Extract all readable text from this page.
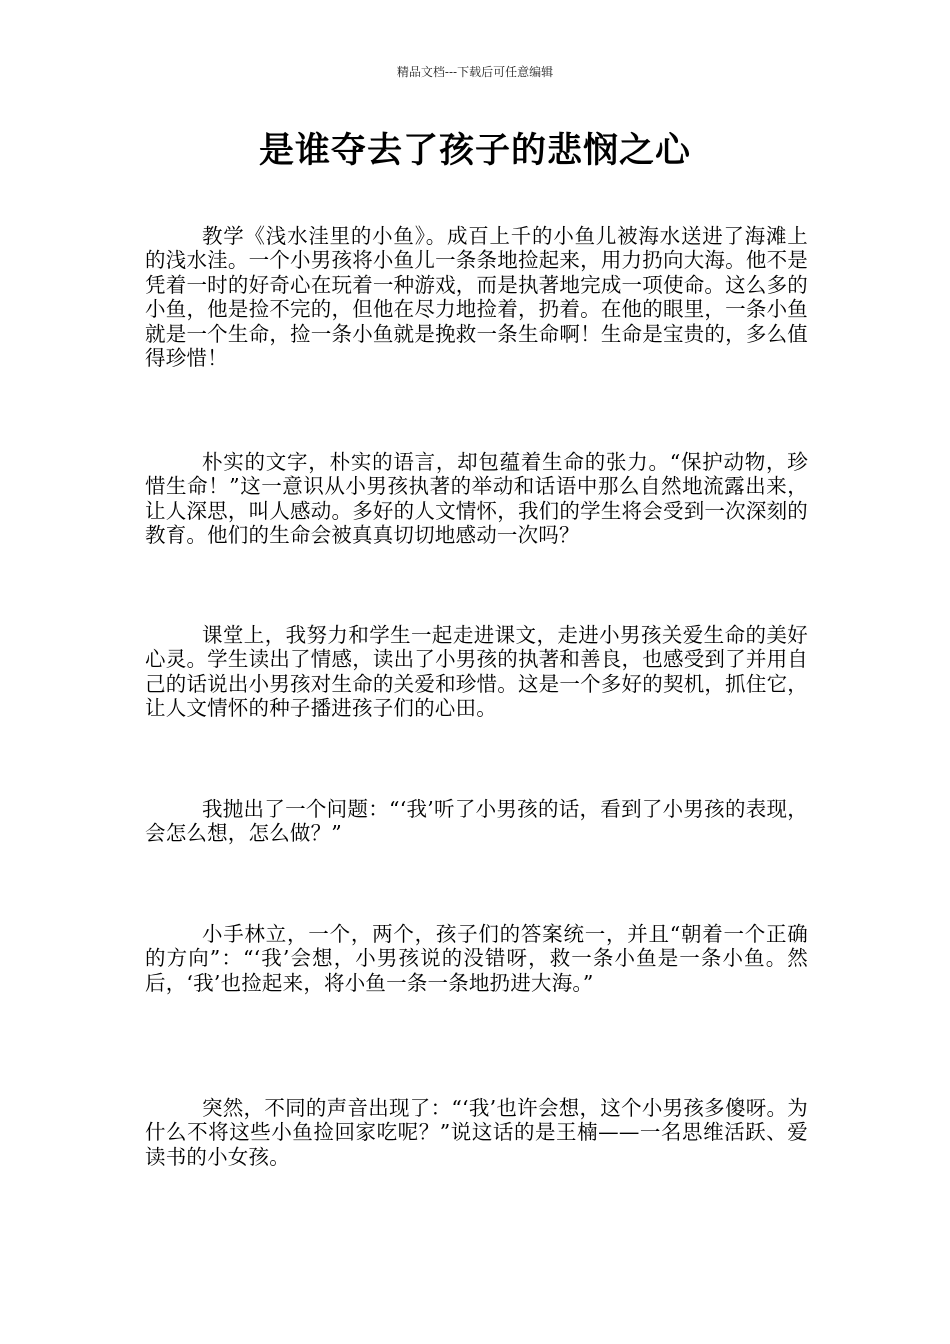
精品文档---下载后可任意编辑
是谁夺去了孩子的悲悯之心

教学《浅水洼里的小鱼》。成百上千的小鱼儿被海水送进了海滩上的浅水洼。一个小男孩将小鱼儿一条条地捡起来，用力扔向大海。他不是凭着一时的好奇心在玩着一种游戏，而是执著地完成一项使命。这么多的小鱼，他是捡不完的，但他在尽力地捡着，扔着。在他的眼里，一条小鱼就是一个生命，捡一条小鱼就是挽救一条生命啊！生命是宝贵的，多么值得珍惜！

朴实的文字，朴实的语言，却包蕴着生命的张力。“保护动物，珍惜生命！”这一意识从小男孩执著的举动和话语中那么自然地流露出来，让人深思，叫人感动。多好的人文情怀，我们的学生将会受到一次深刻的教育。他们的生命会被真真切切地感动一次吗？

课堂上，我努力和学生一起走进课文，走进小男孩关爱生命的美好心灵。学生读出了情感，读出了小男孩的执著和善良，也感受到了并用自己的话说出小男孩对生命的关爱和珍惜。这是一个多好的契机，抓住它，让人文情怀的种子播进孩子们的心田。

我抛出了一个问题：“‘我’听了小男孩的话，看到了小男孩的表现，会怎么想，怎么做？”

小手林立，一个，两个，孩子们的答案统一，并且“朝着一个正确的方向”：“‘我’会想，小男孩说的没错呀，救一条小鱼是一条小鱼。然后，‘我’也捡起来，将小鱼一条一条地扔进大海。”

突然，不同的声音出现了：“‘我’也许会想，这个小男孩多傻呀。为什么不将这些小鱼捡回家吃呢？”说这话的是王楠——一名思维活跃、爱读书的小女孩。
